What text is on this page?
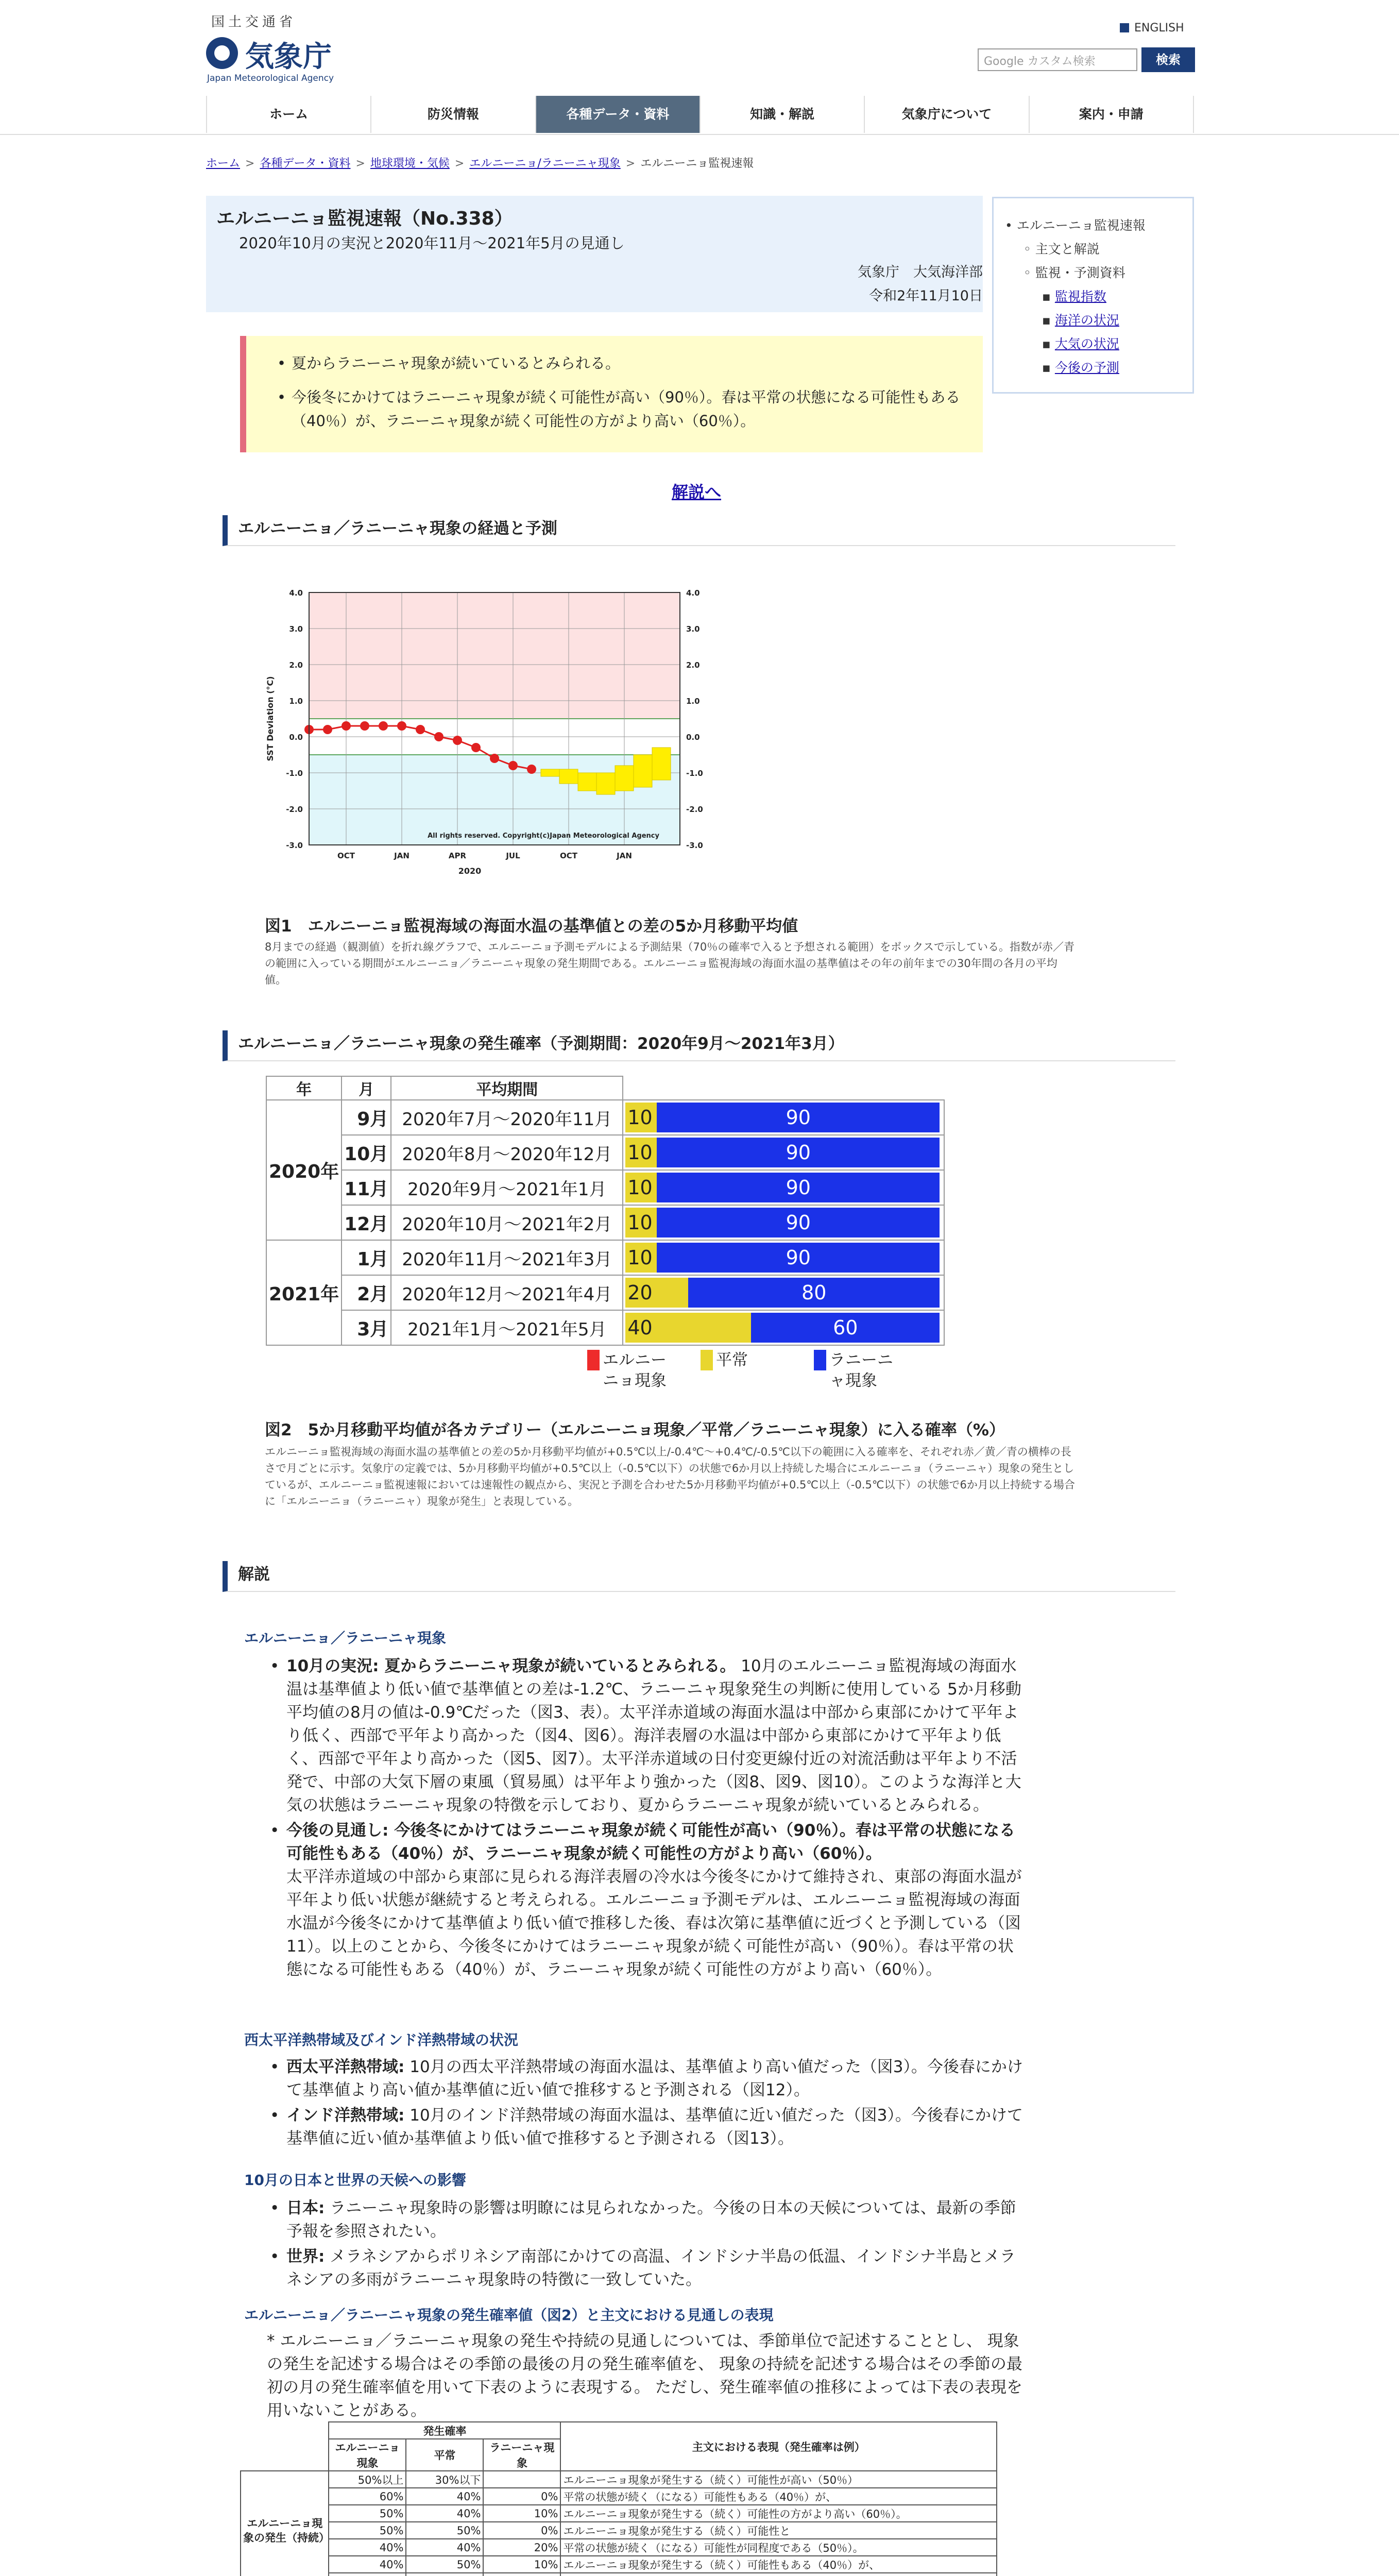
国土交通省
気象庁
Japan Meteorological Agency
ENGLISH
Google カスタム検索	検索
ホーム	防災情報	各種データ・資料	知識・解説	気象庁について	案内・申請
ホーム > 各種データ・資料 > 地球環境・気候 > エルニーニョ/ラニーニャ現象 > エルニーニョ監視速報
エルニーニョ監視速報（No.338）
2020年10月の実況と2020年11月～2021年5月の見通し
気象庁　大気海洋部
令和2年11月10日
• エルニーニョ監視速報
◦ 主文と解説
◦ 監視・予測資料
▪ 監視指数
▪ 海洋の状況
▪ 大気の状況
▪ 今後の予測
• 夏からラニーニャ現象が続いているとみられる。
• 今後冬にかけてはラニーニャ現象が続く可能性が高い（90％）。春は平常の状態になる可能性もある（40％）が、ラニーニャ現象が続く可能性の方がより高い（60％）。
解説へ
エルニーニョ／ラニーニャ現象の経過と予測
4.0	4.0
3.0	3.0
2.0	2.0
1.0	1.0
0.0	0.0
-1.0	-1.0
-2.0	-2.0
-3.0	-3.0
OCT	JAN	APR	JUL	OCT	JAN
All rights reserved. Copyright(c)Japan Meteorological Agency
2020
SST Deviation (°C)
図1　エルニーニョ監視海域の海面水温の基準値との差の5か月移動平均値
8月までの経過（観測値）を折れ線グラフで、エルニーニョ予測モデルによる予測結果（70％の確率で入ると予想される範囲）をボックスで示している。指数が赤／青の範囲に入っている期間がエルニーニョ／ラニーニャ現象の発生期間である。エルニーニョ監視海域の海面水温の基準値はその年の前年までの30年間の各月の平均値。
エルニーニョ／ラニーニャ現象の発生確率（予測期間：2020年9月～2021年3月）
年	月	平均期間	
2020年	9月	2020年7月～2020年11月	10 90

	10月	2020年8月～2020年12月	10 90

	11月	2020年9月～2021年1月	10 90

	12月	2020年10月～2021年2月	10 90

2021年	1月	2020年11月～2021年3月	10 90

	2月	2020年12月～2021年4月	20 80

	3月	2021年1月～2021年5月	40 60
エルニーニョ現象
平常	ラニーニャ現象
図2　5か月移動平均値が各カテゴリー（エルニーニョ現象／平常／ラニーニャ現象）に入る確率（%）
エルニーニョ監視海域の海面水温の基準値との差の5か月移動平均値が+0.5℃以上/-0.4℃～+0.4℃/-0.5℃以下の範囲に入る確率を、それぞれ赤／黄／青の横棒の長さで月ごとに示す。気象庁の定義では、5か月移動平均値が+0.5℃以上（-0.5℃以下）の状態で6か月以上持続した場合にエルニーニョ（ラニーニャ）現象の発生としているが、エルニーニョ監視速報においては速報性の観点から、実況と予測を合わせた5か月移動平均値が+0.5℃以上（-0.5℃以下）の状態で6か月以上持続する場合に「エルニーニョ（ラニーニャ）現象が発生」と表現している。
解説
エルニーニョ／ラニーニャ現象
• 10月の実況: 夏からラニーニャ現象が続いているとみられる。 10月のエルニーニョ監視海域の海面水温は基準値より低い値で基準値との差は-1.2℃、ラニーニャ現象発生の判断に使用している 5か月移動平均値の8月の値は-0.9℃だった（図3、表）。太平洋赤道域の海面水温は中部から東部にかけて平年より低く、西部で平年より高かった（図4、図6）。海洋表層の水温は中部から東部にかけて平年より低く、西部で平年より高かった（図5、図7）。太平洋赤道域の日付変更線付近の対流活動は平年より不活発で、中部の大気下層の東風（貿易風）は平年より強かった（図8、図9、図10）。このような海洋と大気の状態はラニーニャ現象の特徴を示しており、夏からラニーニャ現象が続いているとみられる。
• 今後の見通し: 今後冬にかけてはラニーニャ現象が続く可能性が高い（90％）。春は平常の状態になる可能性もある（40％）が、ラニーニャ現象が続く可能性の方がより高い（60％）。
太平洋赤道域の中部から東部に見られる海洋表層の冷水は今後冬にかけて維持され、東部の海面水温が平年より低い状態が継続すると考えられる。エルニーニョ予測モデルは、エルニーニョ監視海域の海面水温が今後冬にかけて基準値より低い値で推移した後、春は次第に基準値に近づくと予測している（図11）。以上のことから、今後冬にかけてはラニーニャ現象が続く可能性が高い（90％）。春は平常の状態になる可能性もある（40％）が、ラニーニャ現象が続く可能性の方がより高い（60％）。
西太平洋熱帯域及びインド洋熱帯域の状況
• 西太平洋熱帯域: 10月の西太平洋熱帯域の海面水温は、基準値より高い値だった（図3）。今後春にかけて基準値より高い値か基準値に近い値で推移すると予測される（図12）。
• インド洋熱帯域: 10月のインド洋熱帯域の海面水温は、基準値に近い値だった（図3）。今後春にかけて基準値に近い値か基準値より低い値で推移すると予測される（図13）。
10月の日本と世界の天候への影響
• 日本: ラニーニャ現象時の影響は明瞭には見られなかった。今後の日本の天候については、最新の季節予報を参照されたい。
• 世界: メラネシアからポリネシア南部にかけての高温、インドシナ半島の低温、インドシナ半島とメラネシアの多雨がラニーニャ現象時の特徴に一致していた。
エルニーニョ／ラニーニャ現象の発生確率値（図2）と主文における見通しの表現
* エルニーニョ／ラニーニャ現象の発生や持続の見通しについては、季節単位で記述することとし、 現象の発生を記述する場合はその季節の最後の月の発生確率値を、 現象の持続を記述する場合はその季節の最初の月の発生確率値を用いて下表のように表現する。 ただし、発生確率値の推移によっては下表の表現を用いないことがある。
	発生確率			主文における表現（発生確率は例）
	エルニーニョ現象	平常	ラニーニャ現象	
エルニーニョ現象の発生（持続）	50%以上	30%以下		エルニーニョ現象が発生する（続く）可能性が高い（50％）
	60%	40%	0%	平常の状態が続く（になる）可能性もある（40％）が、
	50%	40%	10%	エルニーニョ現象が発生する（続く）可能性の方がより高い（60％）。
	50%	50%	0%	エルニーニョ現象が発生する（続く）可能性と
	40%	40%	20%	平常の状態が続く（になる）可能性が同程度である（50％）。
	40%	50%	10%	エルニーニョ現象が発生する（続く）可能性もある（40％）が、
